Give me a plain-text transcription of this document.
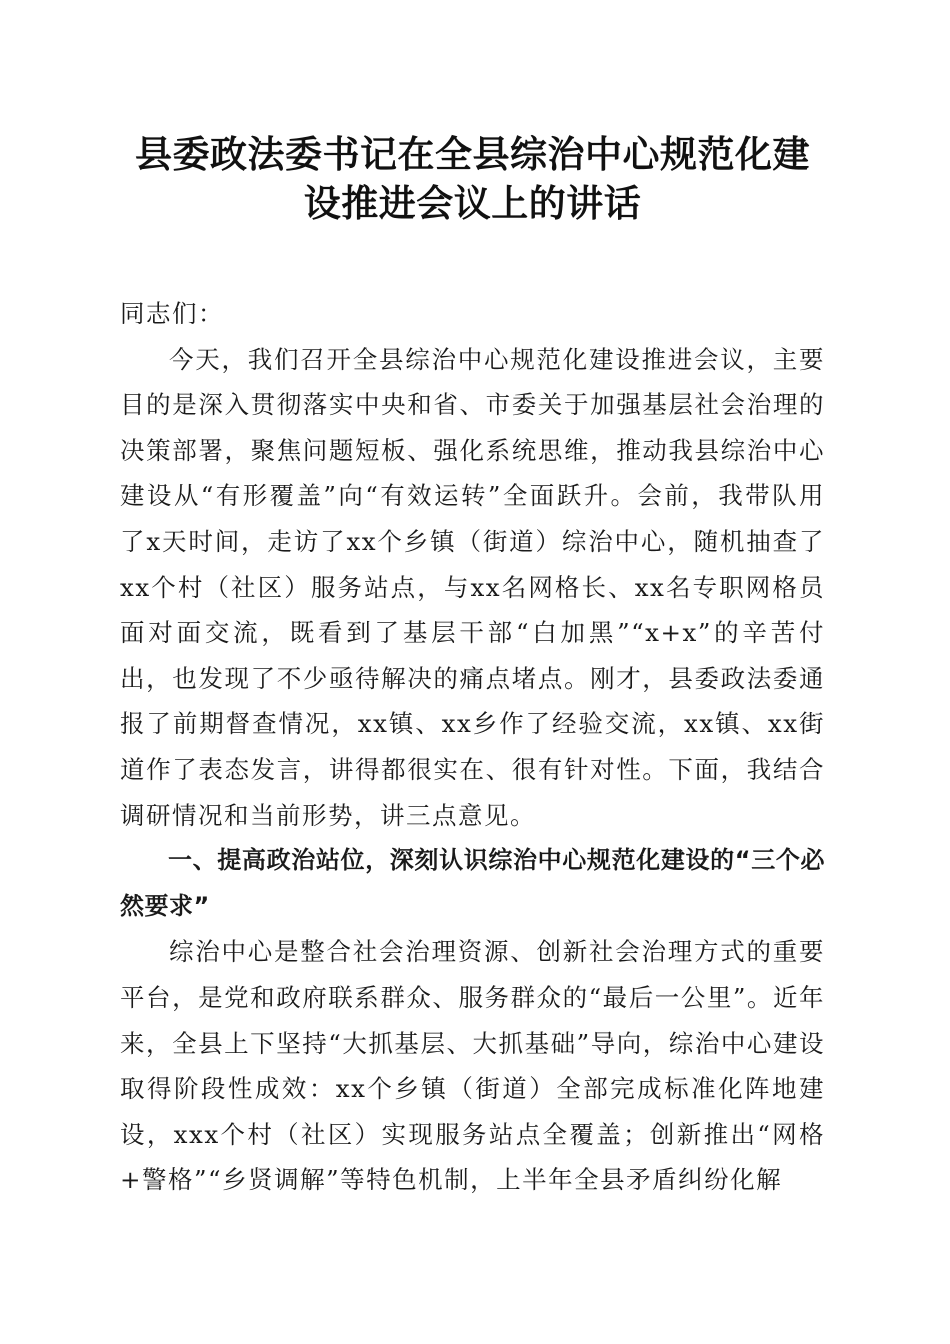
县委政法委书记在全县综治中心规范化建设推进会议上的讲话

同志们：

今天，我们召开全县综治中心规范化建设推进会议，主要目的是深入贯彻落实中央和省、市委关于加强基层社会治理的决策部署，聚焦问题短板、强化系统思维，推动我县综治中心建设从“有形覆盖”向“有效运转”全面跃升。会前，我带队用了x天时间，走访了xx个乡镇（街道）综治中心，随机抽查了xx个村（社区）服务站点，与xx名网格长、xx名专职网格员面对面交流，既看到了基层干部“白加黑”“x+x”的辛苦付出，也发现了不少亟待解决的痛点堵点。刚才，县委政法委通报了前期督查情况，xx镇、xx乡作了经验交流，xx镇、xx街道作了表态发言，讲得都很实在、很有针对性。下面，我结合调研情况和当前形势，讲三点意见。

一、提高政治站位，深刻认识综治中心规范化建设的“三个必然要求”

综治中心是整合社会治理资源、创新社会治理方式的重要平台，是党和政府联系群众、服务群众的“最后一公里”。近年来，全县上下坚持“大抓基层、大抓基础”导向，综治中心建设取得阶段性成效：xx个乡镇（街道）全部完成标准化阵地建设，xxx个村（社区）实现服务站点全覆盖；创新推出“网格+警格”“乡贤调解”等特色机制，上半年全县矛盾纠纷化解
